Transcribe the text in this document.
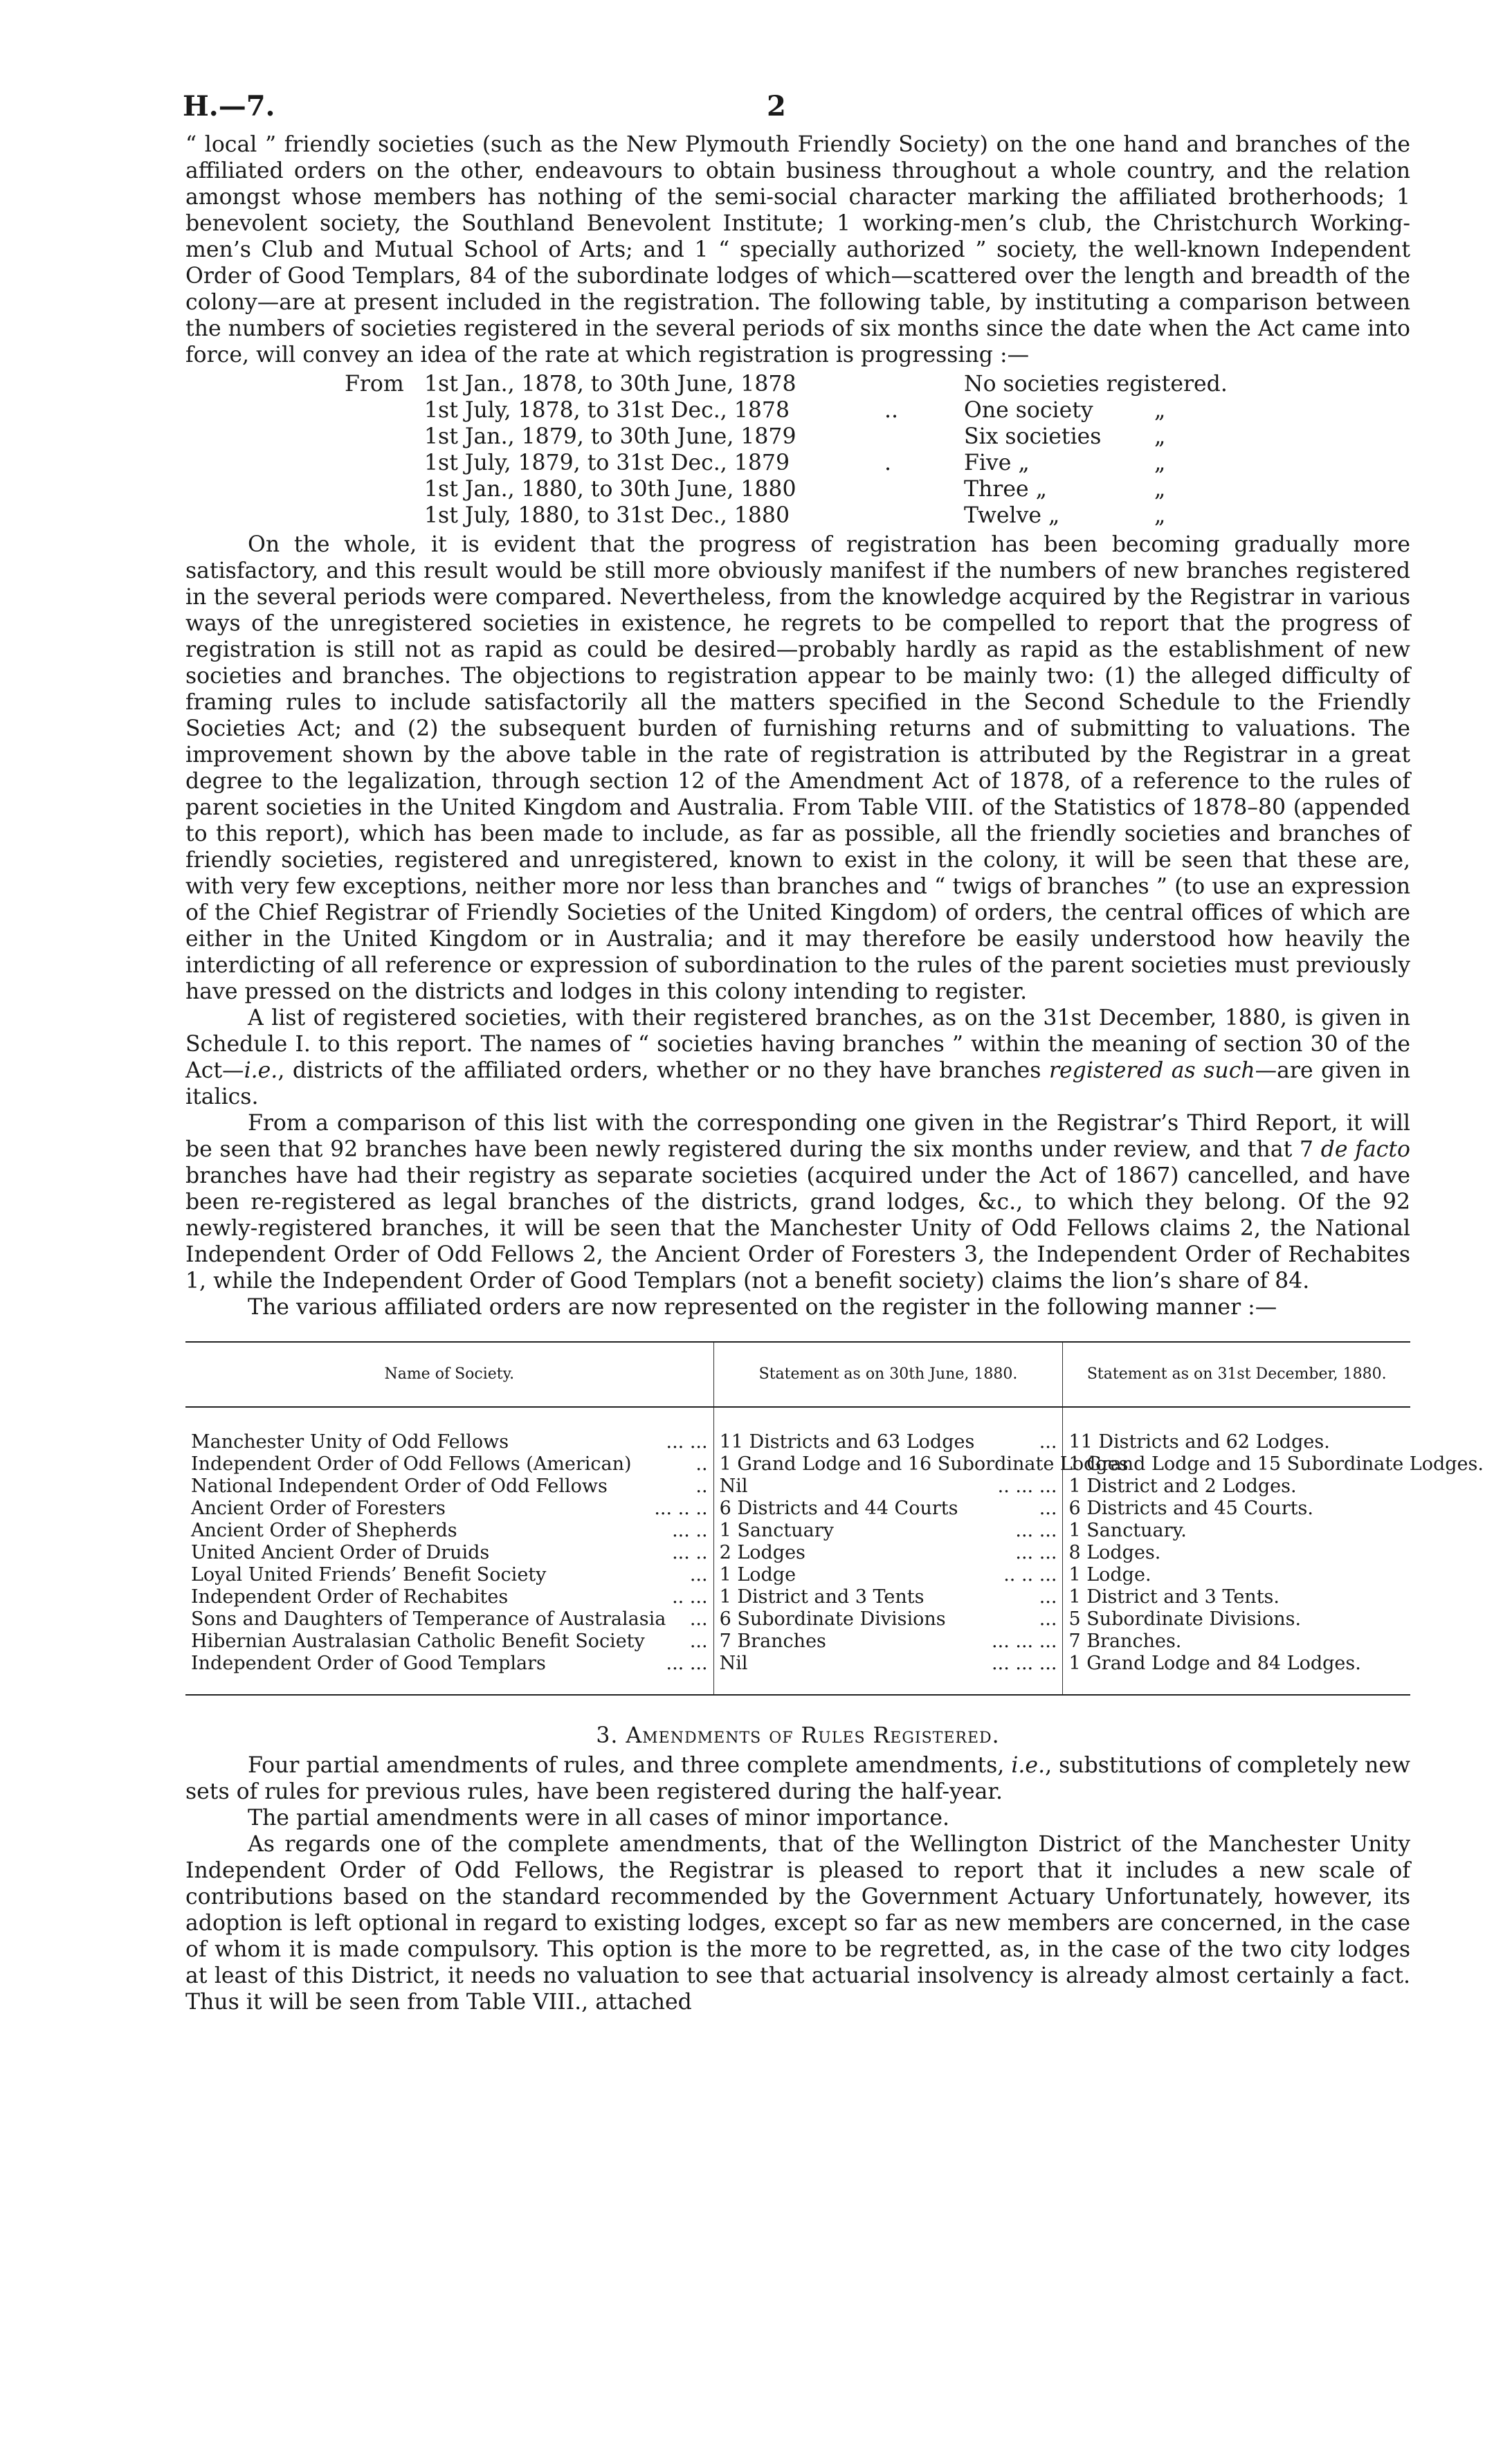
H.—7.	2

“ local ” friendly societies (such as the New Plymouth Friendly Society) on the one hand and branches of the affiliated orders on the other, endeavours to obtain business throughout a whole country, and the relation amongst whose members has nothing of the semi-social character marking the affiliated brotherhoods; 1 benevolent society, the Southland Benevolent Institute; 1 working-men’s club, the Christchurch Working-men’s Club and Mutual School of Arts; and 1 “ specially authorized ” society, the well-known Independent Order of Good Templars, 84 of the subordinate lodges of which—scattered over the length and breadth of the colony—are at present included in the registration. The following table, by instituting a comparison between the numbers of societies registered in the several periods of six months since the date when the Act came into force, will convey an idea of the rate at which registration is progressing :—

From 1st Jan., 1878, to 30th June, 1878	No societies registered.
1st July, 1878, to 31st Dec., 1878	..	One society	„
1st Jan., 1879, to 30th June, 1879	Six societies „
1st July, 1879, to 31st Dec., 1879	.	Five „	„
1st Jan., 1880, to 30th June, 1880	Three „	„
1st July, 1880, to 31st Dec., 1880	Twelve „	„

On the whole, it is evident that the progress of registration has been becoming gradually more satisfactory, and this result would be still more obviously manifest if the numbers of new branches registered in the several periods were compared. Nevertheless, from the knowledge acquired by the Registrar in various ways of the unregistered societies in existence, he regrets to be compelled to report that the progress of registration is still not as rapid as could be desired—probably hardly as rapid as the establishment of new societies and branches. The objections to registration appear to be mainly two: (1) the alleged difficulty of framing rules to include satisfactorily all the matters specified in the Second Schedule to the Friendly Societies Act; and (2) the subsequent burden of furnishing returns and of submitting to valuations. The improvement shown by the above table in the rate of registration is attributed by the Registrar in a great degree to the legalization, through section 12 of the Amendment Act of 1878, of a reference to the rules of parent societies in the United Kingdom and Australia. From Table VIII. of the Statistics of 1878–80 (appended to this report), which has been made to include, as far as possible, all the friendly societies and branches of friendly societies, registered and unregistered, known to exist in the colony, it will be seen that these are, with very few exceptions, neither more nor less than branches and “ twigs of branches ” (to use an expression of the Chief Registrar of Friendly Societies of the United Kingdom) of orders, the central offices of which are either in the United Kingdom or in Australia; and it may therefore be easily understood how heavily the interdicting of all reference or expression of subordination to the rules of the parent societies must previously have pressed on the districts and lodges in this colony intending to register.

A list of registered societies, with their registered branches, as on the 31st December, 1880, is given in Schedule I. to this report. The names of “ societies having branches ” within the meaning of section 30 of the Act—i.e., districts of the affiliated orders, whether or no they have branches registered as such—are given in italics.

From a comparison of this list with the corresponding one given in the Registrar’s Third Report, it will be seen that 92 branches have been newly registered during the six months under review, and that 7 de facto branches have had their registry as separate societies (acquired under the Act of 1867) cancelled, and have been re-registered as legal branches of the districts, grand lodges, &c., to which they belong. Of the 92 newly-registered branches, it will be seen that the Manchester Unity of Odd Fellows claims 2, the National Independent Order of Odd Fellows 2, the Ancient Order of Foresters 3, the Independent Order of Rechabites 1, while the Independent Order of Good Templars (not a benefit society) claims the lion’s share of 84.

The various affiliated orders are now represented on the register in the following manner :—

Name of Society.	Statement as on 30th June, 1880.	Statement as on 31st December, 1880.

Manchester Unity of Odd Fellows ... ...	11 Districts and 63 Lodges ...	11 Districts and 62 Lodges.

Independent Order of Odd Fellows (American) ..	1 Grand Lodge and 16 Subordinate Lodges	1 Grand Lodge and 15 Subordinate Lodges.

National Independent Order of Odd Fellows ..	Nil .. ... ...	1 District and 2 Lodges.

Ancient Order of Foresters ... .. ..	6 Districts and 44 Courts ...	6 Districts and 45 Courts.

Ancient Order of Shepherds ... ..	1 Sanctuary ... ...	1 Sanctuary.

United Ancient Order of Druids ... ..	2 Lodges ... ...	8 Lodges.

Loyal United Friends’ Benefit Society ...	1 Lodge .. .. ...	1 Lodge.

Independent Order of Rechabites .. ...	1 District and 3 Tents ...	1 District and 3 Tents.

Sons and Daughters of Temperance of Australasia ...	6 Subordinate Divisions ...	5 Subordinate Divisions.

Hibernian Australasian Catholic Benefit Society ...	7 Branches ... ... ...	7 Branches.

Independent Order of Good Templars ... ...	Nil ... ... ...	1 Grand Lodge and 84 Lodges.
3. Amendments of Rules Registered.

Four partial amendments of rules, and three complete amendments, i.e., substitutions of completely new sets of rules for previous rules, have been registered during the half-year.

The partial amendments were in all cases of minor importance.

As regards one of the complete amendments, that of the Wellington District of the Manchester Unity Independent Order of Odd Fellows, the Registrar is pleased to report that it includes a new scale of contributions based on the standard recommended by the Government Actuary Unfortunately, however, its adoption is left optional in regard to existing lodges, except so far as new members are concerned, in the case of whom it is made compulsory. This option is the more to be regretted, as, in the case of the two city lodges at least of this District, it needs no valuation to see that actuarial insolvency is already almost certainly a fact. Thus it will be seen from Table VIII., attached
